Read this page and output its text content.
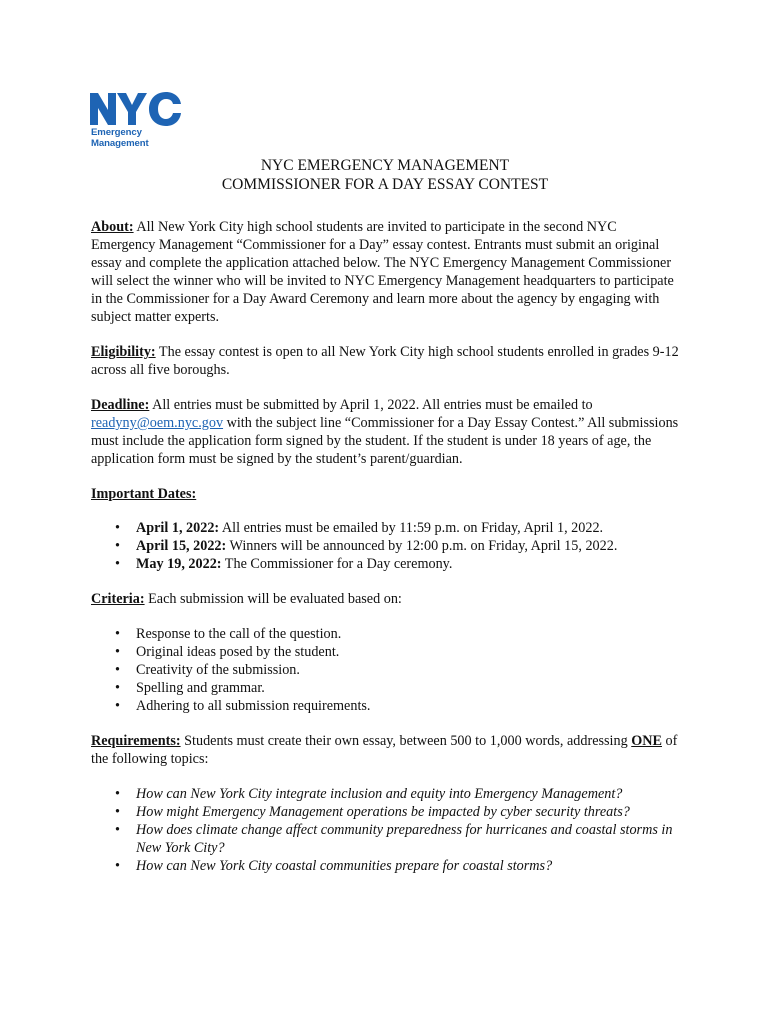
Emergency
Management
NYC EMERGENCY MANAGEMENT
COMMISSIONER FOR A DAY ESSAY CONTEST

About: All New York City high school students are invited to participate in the second NYC Emergency Management “Commissioner for a Day” essay contest. Entrants must submit an original essay and complete the application attached below. The NYC Emergency Management Commissioner will select the winner who will be invited to NYC Emergency Management headquarters to participate in the Commissioner for a Day Award Ceremony and learn more about the agency by engaging with subject matter experts.

Eligibility: The essay contest is open to all New York City high school students enrolled in grades 9-12 across all five boroughs.

Deadline: All entries must be submitted by April 1, 2022. All entries must be emailed to readyny@oem.nyc.gov with the subject line “Commissioner for a Day Essay Contest.” All submissions must include the application form signed by the student. If the student is under 18 years of age, the application form must be signed by the student’s parent/guardian.

Important Dates:

• April 1, 2022: All entries must be emailed by 11:59 p.m. on Friday, April 1, 2022.
• April 15, 2022: Winners will be announced by 12:00 p.m. on Friday, April 15, 2022.
• May 19, 2022: The Commissioner for a Day ceremony.

Criteria: Each submission will be evaluated based on:

• Response to the call of the question.
• Original ideas posed by the student.
• Creativity of the submission.
• Spelling and grammar.
• Adhering to all submission requirements.

Requirements: Students must create their own essay, between 500 to 1,000 words, addressing ONE of the following topics:

• How can New York City integrate inclusion and equity into Emergency Management?
• How might Emergency Management operations be impacted by cyber security threats?
• How does climate change affect community preparedness for hurricanes and coastal storms in New York City?
• How can New York City coastal communities prepare for coastal storms?
